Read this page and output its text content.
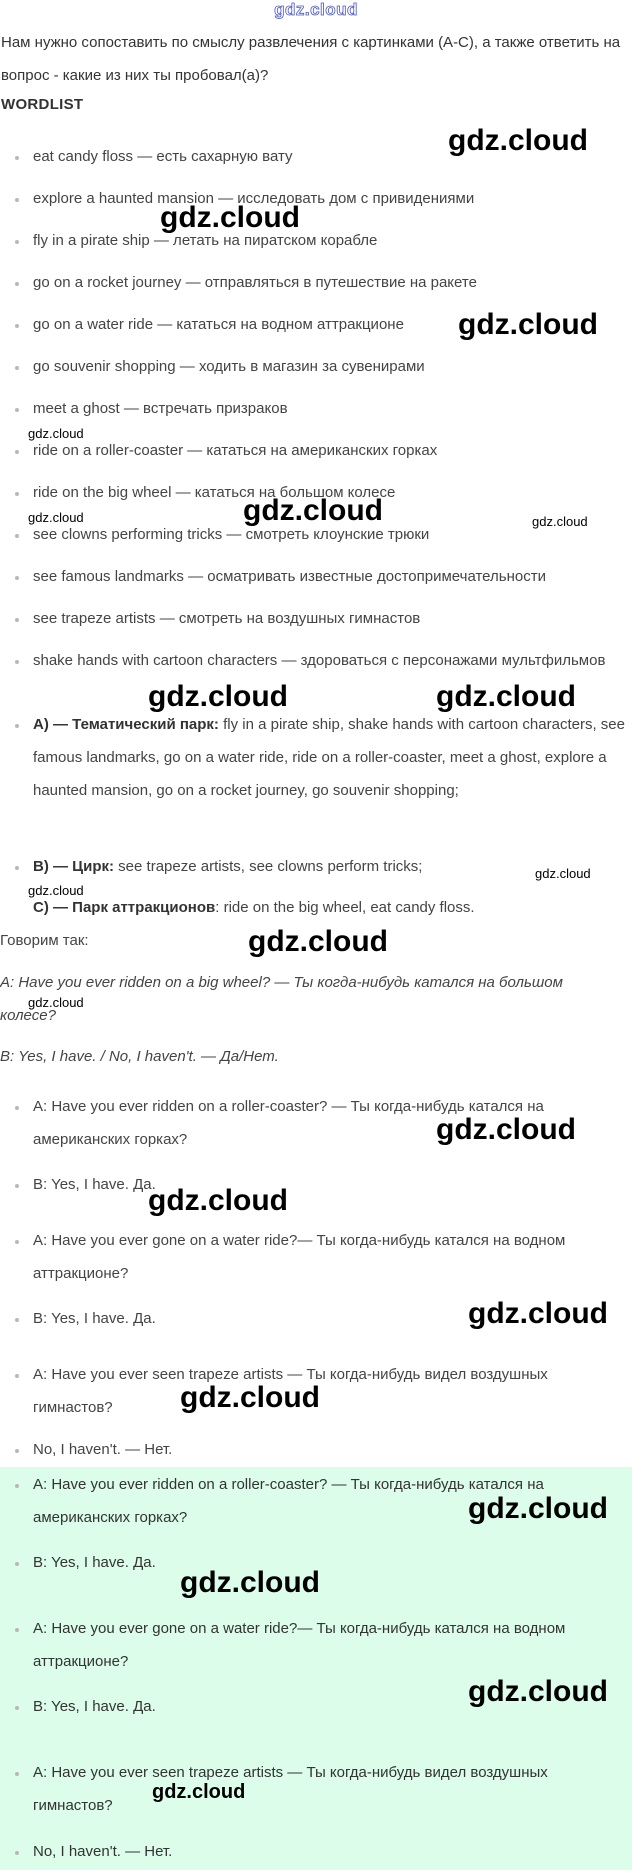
gdz.cloud
Нам нужно сопоставить по смыслу развлечения с картинками (A-C), а также ответить на вопрос - какие из них ты пробовал(а)?
WORDLIST
eat candy floss — есть сахарную вату
explore a haunted mansion — исследовать дом с привидениями
fly in a pirate ship — летать на пиратском корабле
go on a rocket journey — отправляться в путешествие на ракете
go on a water ride — кататься на водном аттракционе
go souvenir shopping — ходить в магазин за сувенирами
meet a ghost — встречать призраков
ride on a roller-coaster — кататься на американских горках
ride on the big wheel — кататься на большом колесе
see clowns performing tricks — смотреть клоунские трюки
see famous landmarks — осматривать известные достопримечательности
see trapeze artists — смотреть на воздушных гимнастов
shake hands with cartoon characters — здороваться с персонажами мультфильмов
A) — Тематический парк: fly in a pirate ship, shake hands with cartoon characters, see famous landmarks, go on a water ride, ride on a roller-coaster, meet a ghost, explore a haunted mansion, go on a rocket journey, go souvenir shopping;
B) — Цирк: see trapeze artists, see clowns perform tricks;
C) — Парк аттракционов: ride on the big wheel, eat candy floss.
Говорим так:
A: Have you ever ridden on a big wheel? — Ты когда-нибудь катался на большом колесе?
B: Yes, I have. / No, I haven't. — Да/Нет.
A: Have you ever ridden on a roller-coaster? — Ты когда-нибудь катался на американских горках?
B: Yes, I have. Да.
A: Have you ever gone on a water ride?— Ты когда-нибудь катался на водном аттракционе?
B: Yes, I have. Да.
A: Have you ever seen trapeze artists — Ты когда-нибудь видел воздушных гимнастов?
No, I haven't. — Нет.
A: Have you ever ridden on a roller-coaster? — Ты когда-нибудь катался на американских горках?
B: Yes, I have. Да.
A: Have you ever gone on a water ride?— Ты когда-нибудь катался на водном аттракционе?
B: Yes, I have. Да.
A: Have you ever seen trapeze artists — Ты когда-нибудь видел воздушных гимнастов?
No, I haven't. — Нет.
gdz.cloud
gdz.cloud
gdz.cloud
gdz.cloud
gdz.cloud	gdz.cloud	gdz.cloud
gdz.cloud	gdz.cloud
gdz.cloud
gdz.cloud
gdz.cloud
gdz.cloud
gdz.cloud
gdz.cloud
gdz.cloud
gdz.cloud
gdz.cloud
gdz.cloud
gdz.cloud
gdz.cloud
